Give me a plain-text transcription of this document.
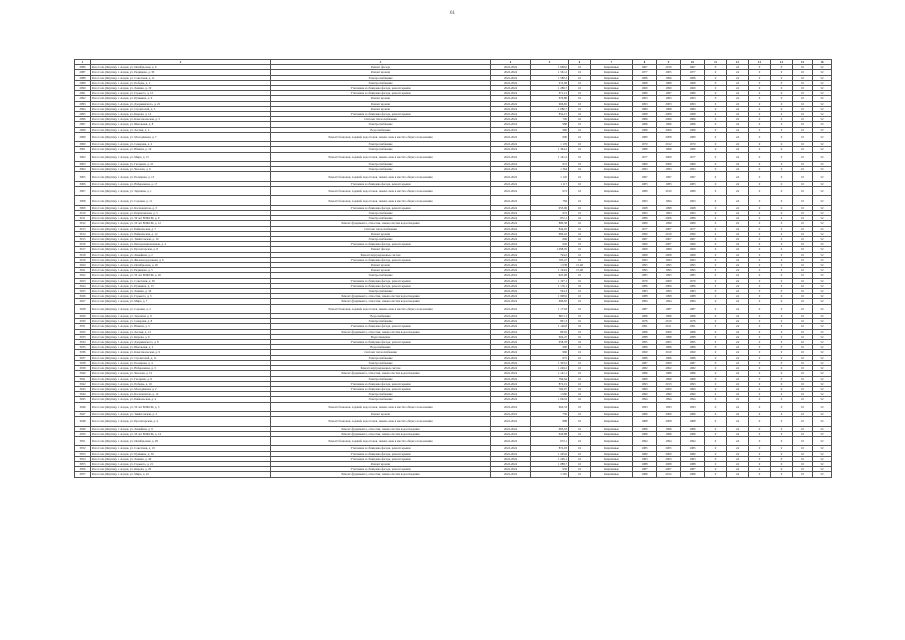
61
1	2	3	4	5	6	7	8	9	10	11	12	13	14	15	16
2986	Реза Саха (Якутия), г. Алдан, ул. Октябрьская, д. 6	Ремонт фасада	2022-2024	1 668,0	16	Кирпичные	1967	2019	1967	0	24	0	0	10	52
2987	Реза Саха (Якутия), г. Алдан, ул. Радищева, д. 30	Ремонт кровли	2022-2024	1 561,2	16	Кирпичные	1977	2005	1977	0	24	0	0	10	52
2988	Реза Саха (Якутия), г. Алдан, ул. Советская, д. 11	Электроснабжение	2022-2024	1 580,3	16	Кирпичные	1986	1996	1986	0	24	0	0	10	52
2989	Реза Саха (Якутия), г. Алдан, ул. Победы, д. 1	Электроснабжение	2022-2024	912,06	16	Кирпичные	1968	1968	1968	0	24	0	0	10	52
2990	Реза Саха (Якутия), г. Алдан, ул. Ленина, д. 19	Утепление и облицовка фасада, ремонт крыши	2022-2024	1 286,7	16	Кирпичные	1960	1990	1960	0	24	0	0	10	52
2991	Реза Саха (Якутия), г. Алдан, ул. Горького, д. 12	Утепление и облицовка фасада, ремонт крыши	2022-2024	671,12	16	Кирпичные	1989	1997	1989	0	24	0	0	10	52
2992	Реза Саха (Якутия), г. Алдан, ул. Пушкина, д. 9	Ремонт кровли	2022-2024	676,86	16	Кирпичные	1963	1963	1963	0	24	0	0	10	52
2993	Реза Саха (Якутия), г. Алдан, ул. Дзержинского, д. 22	Ремонт кровли	2022-2024	906,65	16	Кирпичные	1993	2003	1993	0	24	0	0	10	52
2994	Реза Саха (Якутия), г. Алдан, ул. Строителей, д. 5	Ремонт кровли	2022-2024	1 086,7	16	Кирпичные	1980	1998	1980	0	24	0	0	10	52
2995	Реза Саха (Якутия), г. Алдан, ул. Кирова, д. 14	Утепление и облицовка фасада, ремонт крыши	2022-2024	854,15	16	Кирпичные	1998	2006	1998	0	24	0	0	10	52
2996	Реза Саха (Якутия), г. Алдан, ул. Комсомольская, д. 3	Система теплоснабжения	2022-2024	720	16	Кирпичные	1986	2006	1986	0	24	0	0	10	52
2997	Реза Саха (Якутия), г. Алдан, ул. Школьная, д. 8	Электроснабжение	2022-2024	988	16	Кирпичные	1986	1996	1986	0	24	0	0	10	52
2998	Реза Саха (Якутия), г. Алдан, ул. Лесная, д. 4	Водоснабжение	2022-2024	960	16	Кирпичные	1986	2006	1986	0	24	0	0	10	52
2999	Реза Саха (Якутия), г. Алдан, ул. Молодёжная, д. 7	Ремонт балконов, лоджий, водостоков, замена окон в местах общего пользования	2022-2024	600	16	Кирпичные	1980	2008	1980	0	24	0	0	10	52
3000	Реза Саха (Якутия), г. Алдан, ул. Северная, д. 2	Электроснабжение	2022-2024	1 176	16	Кирпичные	1970	2012	1970	0	24	0	0	10	52
3001	Реза Саха (Якутия), г. Алдан, ул. Южная, д. 10	Электроснабжение	2022-2024	1 364,2	16	Кирпичные	1989	1999	1989	0	24	0	0	10	52
3002	Реза Саха (Якутия), г. Алдан, ул. Мира, д. 15	Ремонт балконов, лоджий, водостоков, замена окон в местах общего пользования	2022-2024	1 161,2	16	Кирпичные	1977	2009	1977	0	24	0	0	10	52
3003	Реза Саха (Якутия), г. Алдан, ул. Гагарина, д. 21	Электроснабжение	2022-2024	672	16	Кирпичные	1989	2009	1989	0	24	0	0	10	52
3004	Реза Саха (Якутия), г. Алдан, ул. Чкалова, д. 6	Электроснабжение	2022-2024	1 364	16	Кирпичные	1993	1993	1993	0	24	0	0	10	52
3005	Реза Саха (Якутия), г. Алдан, ул. Полярная, д. 13	Ремонт балконов, лоджий, водостоков, замена окон в местах общего пользования	2022-2024	1 145	16	Кирпичные	1997	1997	1997	0	24	0	0	10	52
3006	Реза Саха (Якутия), г. Алдан, ул. Набережная, д. 17	Утепление и облицовка фасада, ремонт крыши	2022-2024	1 117	16	Кирпичные	1983	1983	1983	0	24	0	0	10	52
3007	Реза Саха (Якутия), г. Алдан, ул. Заречная, д. 1	Ремонт балконов, лоджий, водостоков, замена окон в местах общего пользования	2022-2024	672	16	Кирпичные	1989	2010	1989	0	24	0	0	10	52
3008	Реза Саха (Якутия), г. Алдан, ул. Садовая, д. 11	Ремонт балконов, лоджий, водостоков, замена окон в местах общего пользования	2022-2024	784	16	Кирпичные	1963	1994	1963	0	24	0	0	10	52
3009	Реза Саха (Якутия), г. Алдан, ул. Космонавтов, д. 3	Утепление и облицовка фасада, ремонт крыши	2022-2024	953,96	16	Кирпичные	1968	1998	1968	0	24	0	0	10	52
3010	Реза Саха (Якутия), г. Алдан, ул. Партизанская, д. 5	Электроснабжение	2022-2024	672	16	Кирпичные	1963	1993	1963	0	24	0	0	10	52
3011	Реза Саха (Якутия), г. Алдан, ул. 50 лет ВЛКСМ, д. 9	Электроснабжение	2022-2024	872,1	16	Кирпичные	1986	2006	1986	0	24	0	0	10	52
3012	Реза Саха (Якутия), г. Алдан, ул. 50 лет ВЛКСМ, д. 12	Ремонт фундамента, отмостки, замена систем водоотведения	2022-2024	880,38	16	Кирпичные	1989	1999	1989	0	24	0	0	10	52
3013	Реза Саха (Якутия), г. Алдан, ул. Байкальская, д. 7	Система теплоснабжения	2022-2024	844,05	16	Кирпичные	1977	2007	1977	0	24	0	0	10	52
3014	Реза Саха (Якутия), г. Алдан, ул. Байкальская, д. 12	Ремонт кровли	2022-2024	684,02	16	Кирпичные	1990	2010	1990	0	24	0	0	10	52
3015	Реза Саха (Якутия), г. Алдан, ул. Тимптонская, д. 10	Электроснабжение	2022-2024	696	16	Кирпичные	1967	2007	1967	0	24	0	0	10	52
3016	Реза Саха (Якутия), г. Алдан, ул. Интернациональная, д. 4	Утепление и облицовка фасада, ремонт крыши	2022-2024	620	16	Кирпичные	1990	2007	1990	0	24	0	0	10	52
3017	Реза Саха (Якутия), г. Алдан, ул. Пролетарская, д. 8	Ремонт фасада	2022-2024	1 098,05	16	Кирпичные	1969	1999	1969	0	24	0	0	10	52
3018	Реза Саха (Якутия), г. Алдан, ул. Линейная, д. 2	Ремонт внутридомовых систем	2022-2024	794,2	16	Кирпичные	1968	2008	1968	0	24	0	0	10	52
3019	Реза Саха (Якутия), г. Алдан, ул. Железнодорожная, д. 6	Утепление и облицовка фасада, ремонт крыши	2022-2024	763,47	16	Кирпичные	1963	1993	1963	0	24	0	0	10	52
3020	Реза Саха (Якутия), г. Алдан, ул. Октябрьская, д. 20	Ремонт кровли	2022-2024	1 038	15,48	Кирпичные	1995	1995	1995	0	24	0	0	10	52
3021	Реза Саха (Якутия), г. Алдан, ул. Радищева, д. 5	Ремонт кровли	2022-2024	1 164,9	15,48	Кирпичные	1995	1995	1995	0	24	0	0	10	52
3022	Реза Саха (Якутия), г. Алдан, ул. 50 лет ВЛКСМ, д. 20	Электроснабжение	2022-2024	625,99	16	Кирпичные	1985	1995	1985	0	24	0	0	10	52
3023	Реза Саха (Якутия), г. Алдан, ул. Советская, д. 30	Утепление и облицовка фасада, ремонт крыши	2022-2024	1 197,1	16	Кирпичные	1979	2009	1979	0	24	0	0	10	52
3024	Реза Саха (Якутия), г. Алдан, ул. Пушкина, д. 15	Утепление и облицовка фасада, ремонт крыши	2022-2024	1 176,1	16	Кирпичные	1986	2006	1986	0	24	0	0	10	52
3025	Реза Саха (Якутия), г. Алдан, ул. Ленина, д. 34	Электроснабжение	2022-2024	594,3	16	Кирпичные	1983	1993	1983	0	24	0	0	10	52
3026	Реза Саха (Якутия), г. Алдан, ул. Горького, д. 3	Ремонт фундамента, отмостки, замена систем водоотведения	2022-2024	1 098,6	16	Кирпичные	1988	1998	1988	0	24	0	0	10	52
3027	Реза Саха (Якутия), г. Алдан, ул. Мира, д. 7	Ремонт фундамента, отмостки, замена систем водоотведения	2022-2024	696,65	16	Кирпичные	1984	1994	1984	0	24	0	0	10	52
3028	Реза Саха (Якутия), г. Алдан, ул. Садовая, д. 2	Ремонт балконов, лоджий, водостоков, замена окон в местах общего пользования	2022-2024	1 173,8	16	Кирпичные	1987	1987	1987	0	24	0	0	10	52
3029	Реза Саха (Якутия), г. Алдан, ул. Заречная, д. 9	Водоснабжение	2022-2024	867,11	16	Кирпичные	1986	1996	1986	0	24	0	0	10	52
3030	Реза Саха (Якутия), г. Алдан, ул. Северная, д. 8	Электроснабжение	2022-2024	801,3	16	Кирпичные	1976	2010	1976	0	24	0	0	10	52
3031	Реза Саха (Якутия), г. Алдан, ул. Южная, д. 5	Утепление и облицовка фасада, ремонт крыши	2022-2024	1 146,8	16	Кирпичные	1991	2011	1991	0	24	0	0	10	52
3032	Реза Саха (Якутия), г. Алдан, ул. Лесная, д. 12	Ремонт фундамента, отмостки, замена систем водоотведения	2022-2024	803,6	16	Кирпичные	1986	2006	1986	0	24	0	0	10	52
3033	Реза Саха (Якутия), г. Алдан, ул. Кирова, д. 6	Водоотведение	2022-2024	604,47	16	Кирпичные	1988	1998	1988	0	24	0	0	10	52
3034	Реза Саха (Якутия), г. Алдан, ул. Дзержинского, д. 8	Утепление и облицовка фасада, ремонт крыши	2022-2024	958,78	16	Кирпичные	1995	2005	1995	0	24	0	0	10	52
3035	Реза Саха (Якутия), г. Алдан, ул. Школьная, д. 2	Водоснабжение	2022-2024	600	16	Кирпичные	1986	1996	1986	0	24	0	0	10	52
3036	Реза Саха (Якутия), г. Алдан, ул. Комсомольская, д. 9	Система теплоснабжения	2022-2024	960	16	Кирпичные	1990	2010	1990	0	24	0	0	10	52
3037	Реза Саха (Якутия), г. Алдан, ул. Строителей, д. 11	Электроснабжение	2022-2024	672	16	Кирпичные	1986	1996	1986	0	24	0	0	10	52
3038	Реза Саха (Якутия), г. Алдан, ул. Полярная, д. 4	Электроснабжение	2022-2024	1 303,2	16	Кирпичные	1987	2009	1987	0	24	0	0	10	52
3039	Реза Саха (Якутия), г. Алдан, ул. Набережная, д. 3	Ремонт внутридомовых систем	2022-2024	1 249,2	16	Кирпичные	1982	2002	1982	0	24	0	0	10	52
3040	Реза Саха (Якутия), г. Алдан, ул. Чкалова, д. 12	Ремонт фундамента, отмостки, замена систем водоотведения	2022-2024	1 141,1	16	Кирпичные	1986	1986	1986	0	24	0	0	10	52
3041	Реза Саха (Якутия), г. Алдан, ул. Гагарина, д. 8	Электроснабжение	2022-2024	784,64	16	Кирпичные	1989	1999	1989	0	24	0	0	10	52
3042	Реза Саха (Якутия), г. Алдан, ул. Победы, д. 10	Утепление и облицовка фасада, ремонт крыши	2022-2024	872,01	16	Кирпичные	1993	2013	1993	0	24	0	0	10	52
3043	Реза Саха (Якутия), г. Алдан, ул. Молодёжная, д. 2	Утепление и облицовка фасада, ремонт крыши	2022-2024	760,07	16	Кирпичные	1990	2000	1990	0	24	0	0	10	52
3044	Реза Саха (Якутия), г. Алдан, ул. Космонавтов, д. 12	Электроснабжение	2022-2024	1 060	16	Кирпичные	1990	1990	1990	0	24	0	0	10	52
3045	Реза Саха (Якутия), г. Алдан, ул. Байкальская, д. 4	Электроснабжение	2022-2024	1 092,6	16	Кирпичные	1994	1994	1994	0	24	0	0	10	52
3046	Реза Саха (Якутия), г. Алдан, ул. 50 лет ВЛКСМ, д. 3	Ремонт балконов, лоджий, водостоков, замена окон в местах общего пользования	2022-2024	604,33	16	Кирпичные	1993	1993	1993	0	24	0	0	10	52
3047	Реза Саха (Якутия), г. Алдан, ул. Тимптонская, д. 2	Ремонт кровли	2022-2024	756	16	Кирпичные	1986	2006	1986	0	24	0	0	10	52
3048	Реза Саха (Якутия), г. Алдан, ул. Пролетарская, д. 4	Ремонт балконов, лоджий, водостоков, замена окон в местах общего пользования	2022-2024	888	16	Кирпичные	1988	2008	1988	0	24	0	0	10	52
3049	Реза Саха (Якутия), г. Алдан, ул. Линейная, д. 9	Ремонт фундамента, отмостки, замена систем водоотведения	2022-2024	685,18	16	Кирпичные	1986	1996	1986	0	24	0	0	10	52
3050	Реза Саха (Якутия), г. Алдан, ул. 50 лет ВЛКСМ, д. 14	Ремонт фундамента, отмостки, замена систем водоотведения	2022-2024	629,88	16	Кирпичные	1986	1996	1986	0	24	0	0	10	52
3051	Реза Саха (Якутия), г. Алдан, ул. Октябрьская, д. 28	Ремонт балконов, лоджий, водостоков, замена окон в местах общего пользования	2022-2024	672,1	16	Кирпичные	1994	1994	1994	0	24	0	0	10	52
3052	Реза Саха (Якутия), г. Алдан, ул. Советская, д. 19	Утепление и облицовка фасада, ремонт крыши	2022-2024	874,03	16	Кирпичные	1985	2005	1985	0	24	0	0	10	52
3053	Реза Саха (Якутия), г. Алдан, ул. Пушкина, д. 30	Утепление и облицовка фасада, ремонт крыши	2022-2024	1 205,6	16	Кирпичные	1980	2000	1980	0	24	0	0	10	52
3054	Реза Саха (Якутия), г. Алдан, ул. Ленина, д. 40	Утепление и облицовка фасада, ремонт крыши	2022-2024	1 249,1	16	Кирпичные	1983	2003	1983	0	24	0	0	10	52
3055	Реза Саха (Якутия), г. Алдан, ул. Горького, д. 21	Ремонт кровли	2022-2024	1 088,7	16	Кирпичные	1988	2008	1988	0	24	0	0	10	52
3056	Реза Саха (Якутия), г. Алдан, ул. Кирова, д. 20	Утепление и облицовка фасада, ремонт крыши	2022-2024	959	16	Кирпичные	1987	2007	1987	0	24	0	0	10	52
3057	Реза Саха (Якутия), г. Алдан, ул. Мира, д. 22	Ремонт фундамента, отмостки, замена систем водоотведения	2022-2024	1 595	16	Кирпичные	1986	2012	1986	0	24	0	0	10	52
